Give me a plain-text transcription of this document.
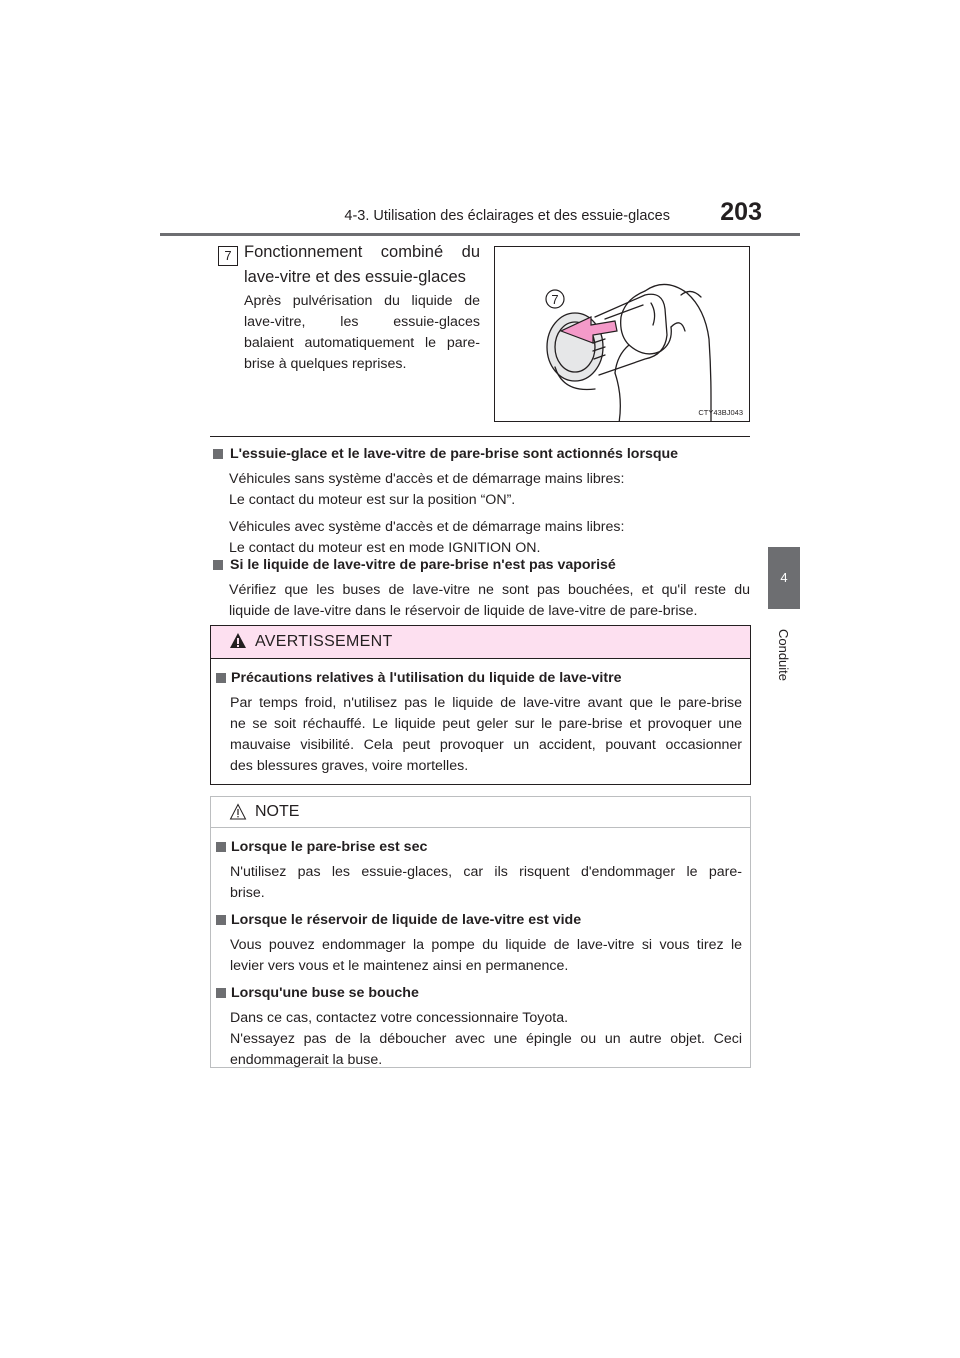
4-3. Utilisation des éclairages et des essuie-glaces	203
4
Conduite
7 Fonctionnement combiné du
lave-vitre et des essuie-glaces
Après pulvérisation du liquide de
lave-vitre, les essuie-glaces
balaient automatiquement le pare-
brise à quelques reprises.
7
CTY43BJ043
L'essuie-glace et le lave-vitre de pare-brise sont actionnés lorsque
Véhicules sans système d'accès et de démarrage mains libres:
Le contact du moteur est sur la position “ON”.
Véhicules avec système d'accès et de démarrage mains libres:
Le contact du moteur est en mode IGNITION ON.
Si le liquide de lave-vitre de pare-brise n'est pas vaporisé
Vérifiez que les buses de lave-vitre ne sont pas bouchées, et qu'il reste du
liquide de lave-vitre dans le réservoir de liquide de lave-vitre de pare-brise.
AVERTISSEMENT
Précautions relatives à l'utilisation du liquide de lave-vitre
Par temps froid, n'utilisez pas le liquide de lave-vitre avant que le pare-brise
ne se soit réchauffé. Le liquide peut geler sur le pare-brise et provoquer une
mauvaise visibilité. Cela peut provoquer un accident, pouvant occasionner
des blessures graves, voire mortelles.
NOTE
Lorsque le pare-brise est sec
N'utilisez pas les essuie-glaces, car ils risquent d'endommager le pare-
brise.
Lorsque le réservoir de liquide de lave-vitre est vide
Vous pouvez endommager la pompe du liquide de lave-vitre si vous tirez le
levier vers vous et le maintenez ainsi en permanence.
Lorsqu'une buse se bouche
Dans ce cas, contactez votre concessionnaire Toyota.
N'essayez pas de la déboucher avec une épingle ou un autre objet. Ceci
endommagerait la buse.
